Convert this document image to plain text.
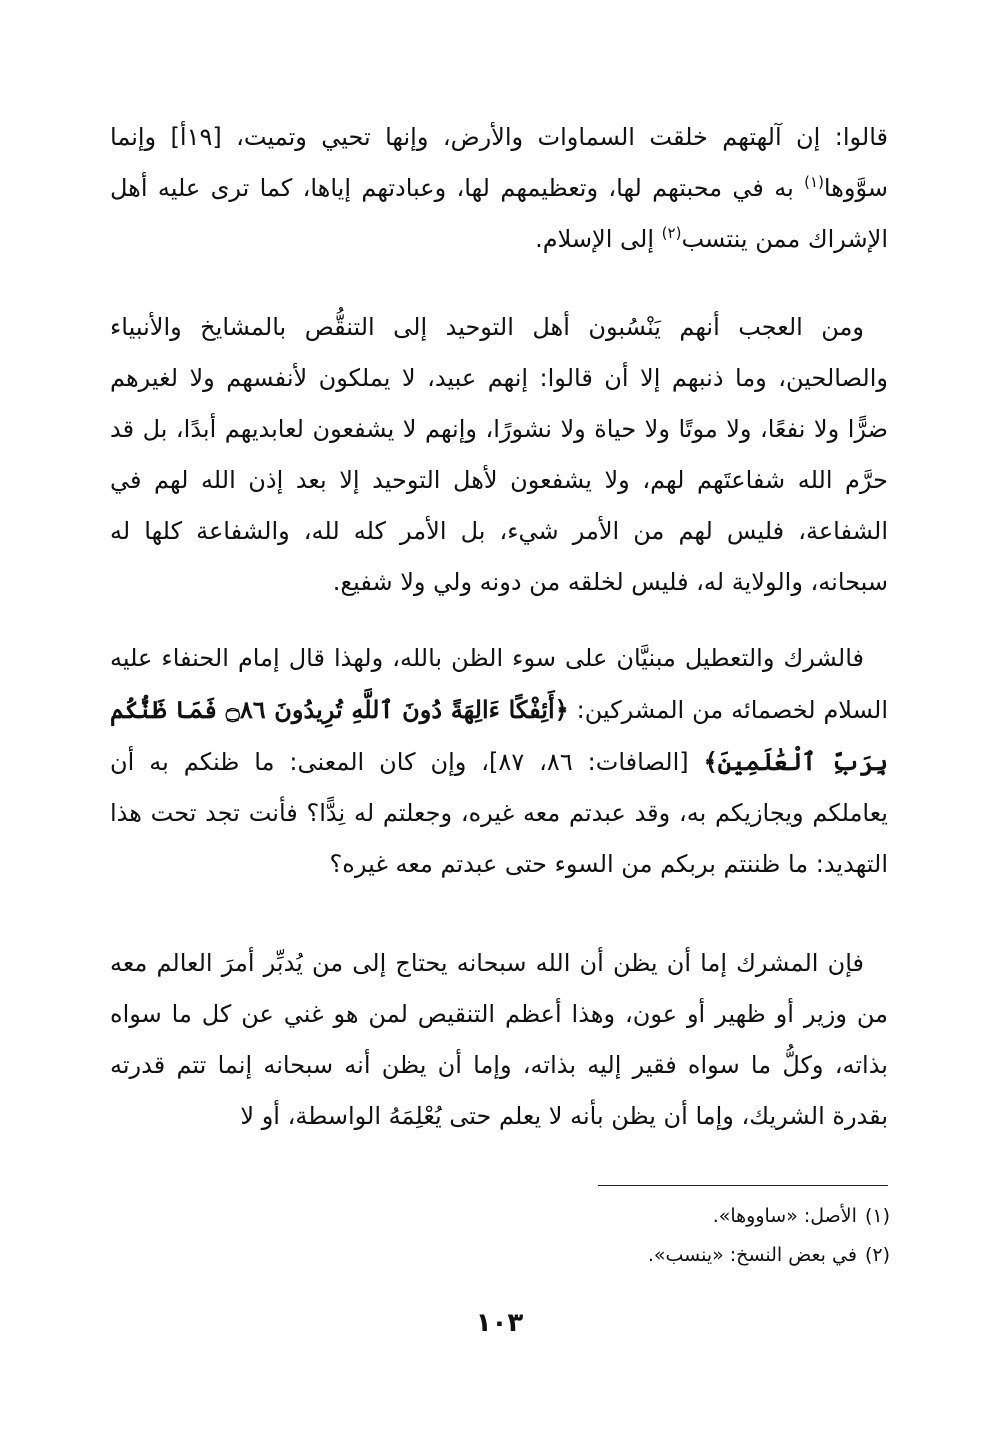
قالوا: إن آلهتهم خلقت السماوات والأرض، وإنها تحيي وتميت، [١٩أ] وإنما سوَّوها$^{(١)}$ به في محبتهم لها، وتعظيمهم لها، وعبادتهم إياها، كما ترى عليه أهل الإشراك ممن ينتسب$^{(٢)}$ إلى الإسلام.

ومن العجب أنهم يَنْسُبون أهل التوحيد إلى التنقُّص بالمشايخ والأنبياء والصالحين، وما ذنبهم إلا أن قالوا: إنهم عبيد، لا يملكون لأنفسهم ولا لغيرهم ضرًّا ولا نفعًا، ولا موتًا ولا حياة ولا نشورًا، وإنهم لا يشفعون لعابديهم أبدًا، بل قد حرَّم الله شفاعتَهم لهم، ولا يشفعون لأهل التوحيد إلا بعد إذن الله لهم في الشفاعة، فليس لهم من الأمر شيء، بل الأمر كله لله، والشفاعة كلها له سبحانه، والولاية له، فليس لخلقه من دونه ولي ولا شفيع.

فالشرك والتعطيل مبنيَّان على سوء الظن بالله، ولهذا قال إمام الحنفاء عليه السلام لخصمائه من المشركين: ﴿أَئِفْكًا ءَالِهَةً دُونَ ٱللَّهِ تُرِيدُونَ ۝٨٦ فَمَا ظَنُّكُم بِرَبِّ ٱلْعَٰلَمِينَ﴾ [الصافات: ٨٦، ٨٧]، وإن كان المعنى: ما ظنكم به أن يعاملكم ويجازيكم به، وقد عبدتم معه غيره، وجعلتم له نِدًّا؟ فأنت تجد تحت هذا التهديد: ما ظننتم بربكم من السوء حتى عبدتم معه غيره؟

فإن المشرك إما أن يظن أن الله سبحانه يحتاج إلى من يُدبِّر أمرَ العالم معه من وزير أو ظهير أو عون، وهذا أعظم التنقيص لمن هو غني عن كل ما سواه بذاته، وكلُّ ما سواه فقير إليه بذاته، وإما أن يظن أنه سبحانه إنما تتم قدرته بقدرة الشريك، وإما أن يظن بأنه لا يعلم حتى يُعْلِمَهُ الواسطة، أو لا

(١)الأصل: «ساووها».
(٢)في بعض النسخ: «ينسب».
١٠٣
